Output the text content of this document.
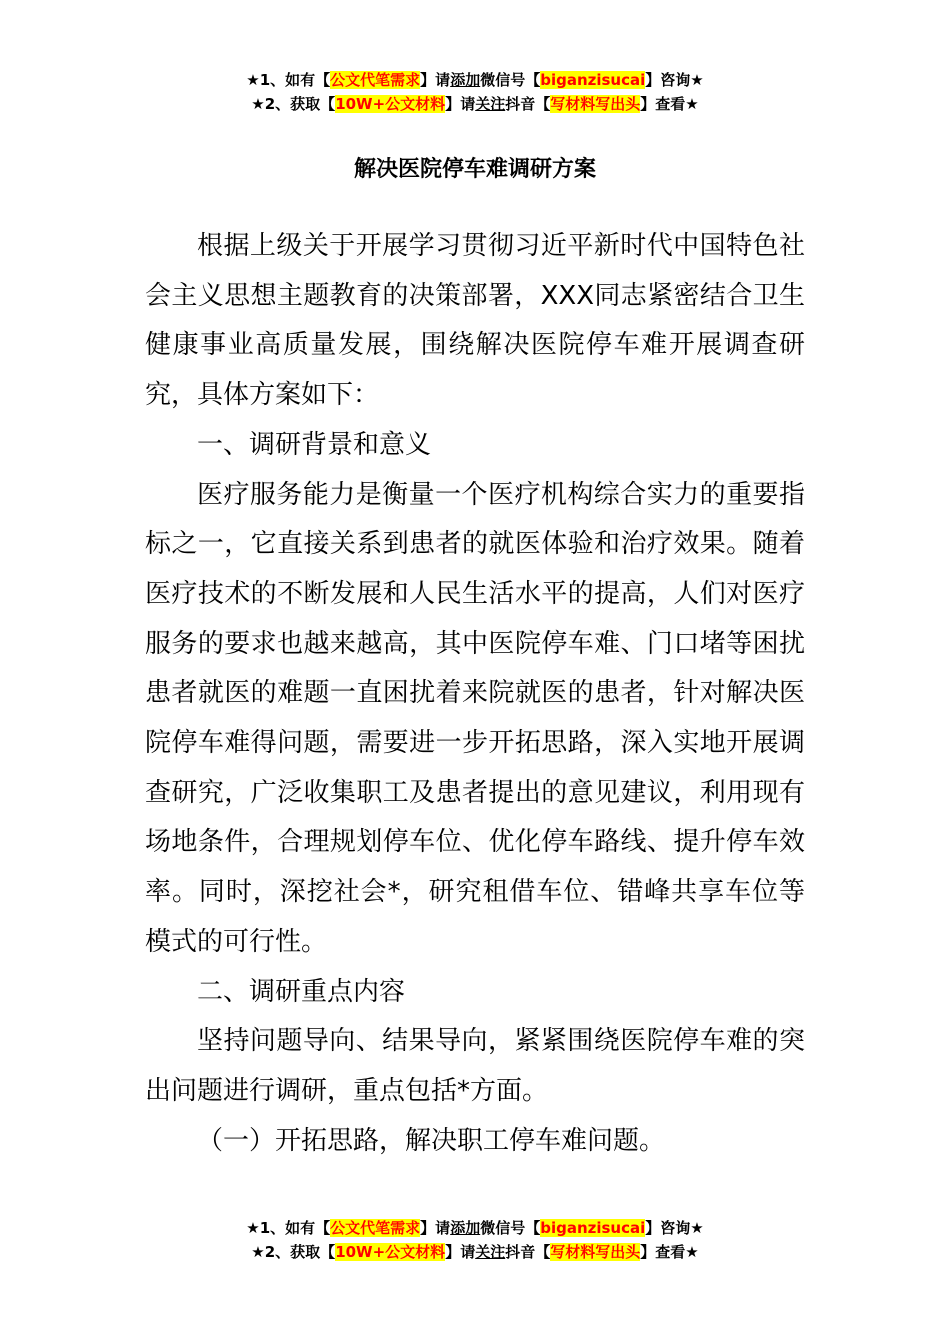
★1、如有【公文代笔需求】请添加微信号【biganzisucai】咨询★
★2、获取【10W+公文材料】请关注抖音【写材料写出头】查看★
解决医院停车难调研方案

根据上级关于开展学习贯彻习近平新时代中国特色社会主义思想主题教育的决策部署，XXX同志紧密结合卫生健康事业高质量发展，围绕解决医院停车难开展调查研究，具体方案如下：

一、调研背景和意义

医疗服务能力是衡量一个医疗机构综合实力的重要指标之一，它直接关系到患者的就医体验和治疗效果。随着医疗技术的不断发展和人民生活水平的提高，人们对医疗服务的要求也越来越高，其中医院停车难、门口堵等困扰患者就医的难题一直困扰着来院就医的患者，针对解决医院停车难得问题，需要进一步开拓思路，深入实地开展调查研究，广泛收集职工及患者提出的意见建议，利用现有场地条件，合理规划停车位、优化停车路线、提升停车效率。同时，深挖社会*，研究租借车位、错峰共享车位等模式的可行性。

二、调研重点内容

坚持问题导向、结果导向，紧紧围绕医院停车难的突出问题进行调研，重点包括*方面。

（一）开拓思路，解决职工停车难问题。

★1、如有【公文代笔需求】请添加微信号【biganzisucai】咨询★
★2、获取【10W+公文材料】请关注抖音【写材料写出头】查看★
